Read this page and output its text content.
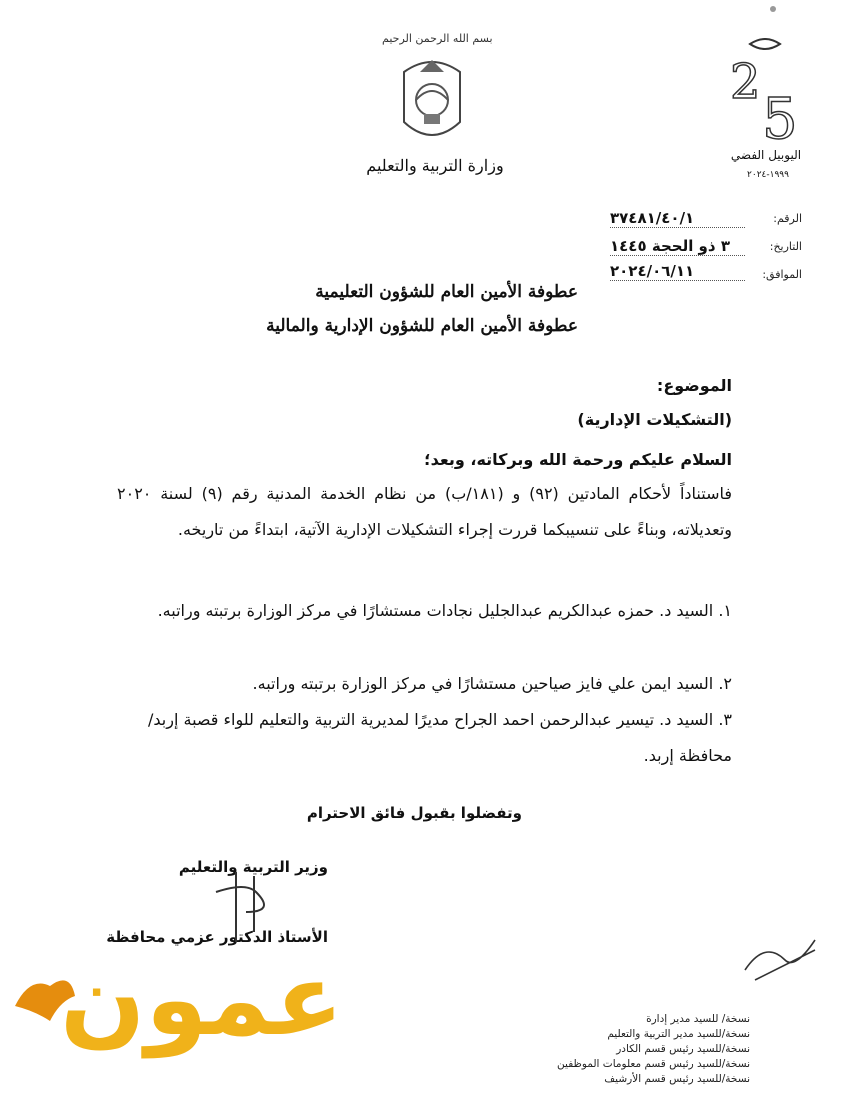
بسم الله الرحمن الرحيم
وزارة التربية والتعليم
2
5
اليوبيل الفضي
١٩٩٩-٢٠٢٤
الرقم:
٣٧٤٨١/٤٠/١
التاريخ:
٣ ذو الحجة ١٤٤٥
الموافق:
٢٠٢٤/٠٦/١١
عطوفة الأمين العام للشؤون التعليمية
عطوفة الأمين العام للشؤون الإدارية والمالية
الموضوع:
(التشكيلات الإدارية)
السلام عليكم ورحمة الله وبركاته، وبعد؛
فاستناداً لأحكام المادتين (٩٢) و (١٨١/ب) من نظام الخدمة المدنية رقم (٩) لسنة ٢٠٢٠ وتعديلاته، وبناءً على تنسيبكما قررت إجراء التشكيلات الإدارية الآتية، ابتداءً من تاريخه.
١. السيد د. حمزه عبدالكريم عبدالجليل نجادات مستشارًا في مركز الوزارة برتبته وراتبه.
٢. السيد ايمن علي فايز صياحين مستشارًا في مركز الوزارة برتبته وراتبه.
٣. السيد د. تيسير عبدالرحمن احمد الجراح مديرًا لمديرية التربية والتعليم للواء قصبة إربد/محافظة إربد.
وتفضلوا بقبول فائق الاحترام
وزير التربية والتعليم
الأستاذ الدكتور عزمي محافظة
عمون	نسخة/ للسيد مدير إدارة
نسخة/للسيد مدير التربية والتعليم
نسخة/للسيد رئيس قسم الكادر
نسخة/للسيد رئيس قسم معلومات الموظفين
نسخة/للسيد رئيس قسم الأرشيف
